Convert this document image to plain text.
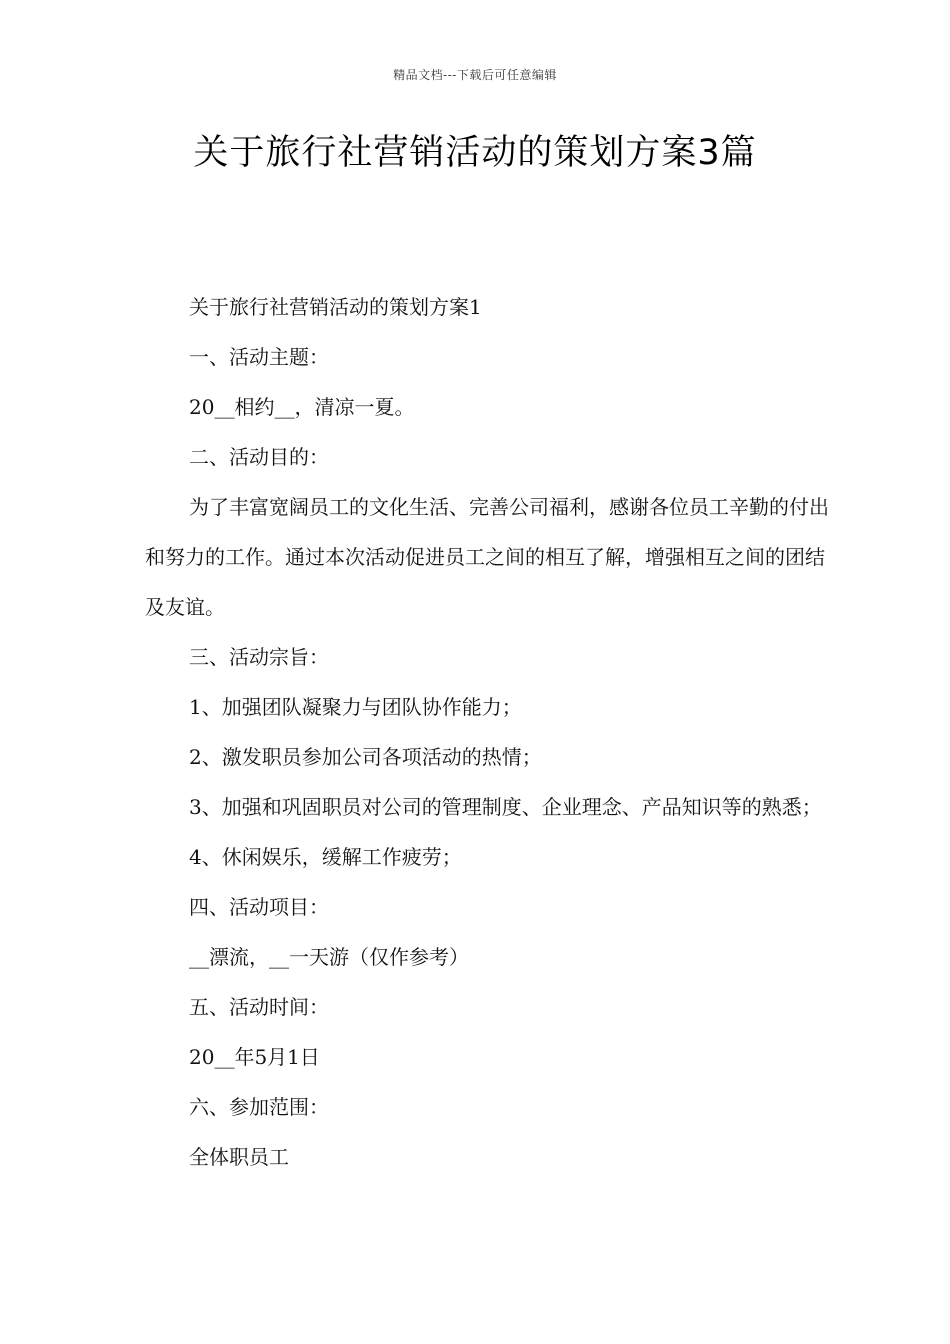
精品文档---下载后可任意编辑
关于旅行社营销活动的策划方案3篇

关于旅行社营销活动的策划方案1

一、活动主题：

20__相约__，清凉一夏。

二、活动目的：

为了丰富宽阔员工的文化生活、完善公司福利，感谢各位员工辛勤的付出和努力的工作。通过本次活动促进员工之间的相互了解，增强相互之间的团结及友谊。

三、活动宗旨：

1、加强团队凝聚力与团队协作能力；

2、激发职员参加公司各项活动的热情；

3、加强和巩固职员对公司的管理制度、企业理念、产品知识等的熟悉；

4、休闲娱乐，缓解工作疲劳；

四、活动项目：

__漂流，__一天游（仅作参考）

五、活动时间：

20__年5月1日

六、参加范围：

全体职员工
